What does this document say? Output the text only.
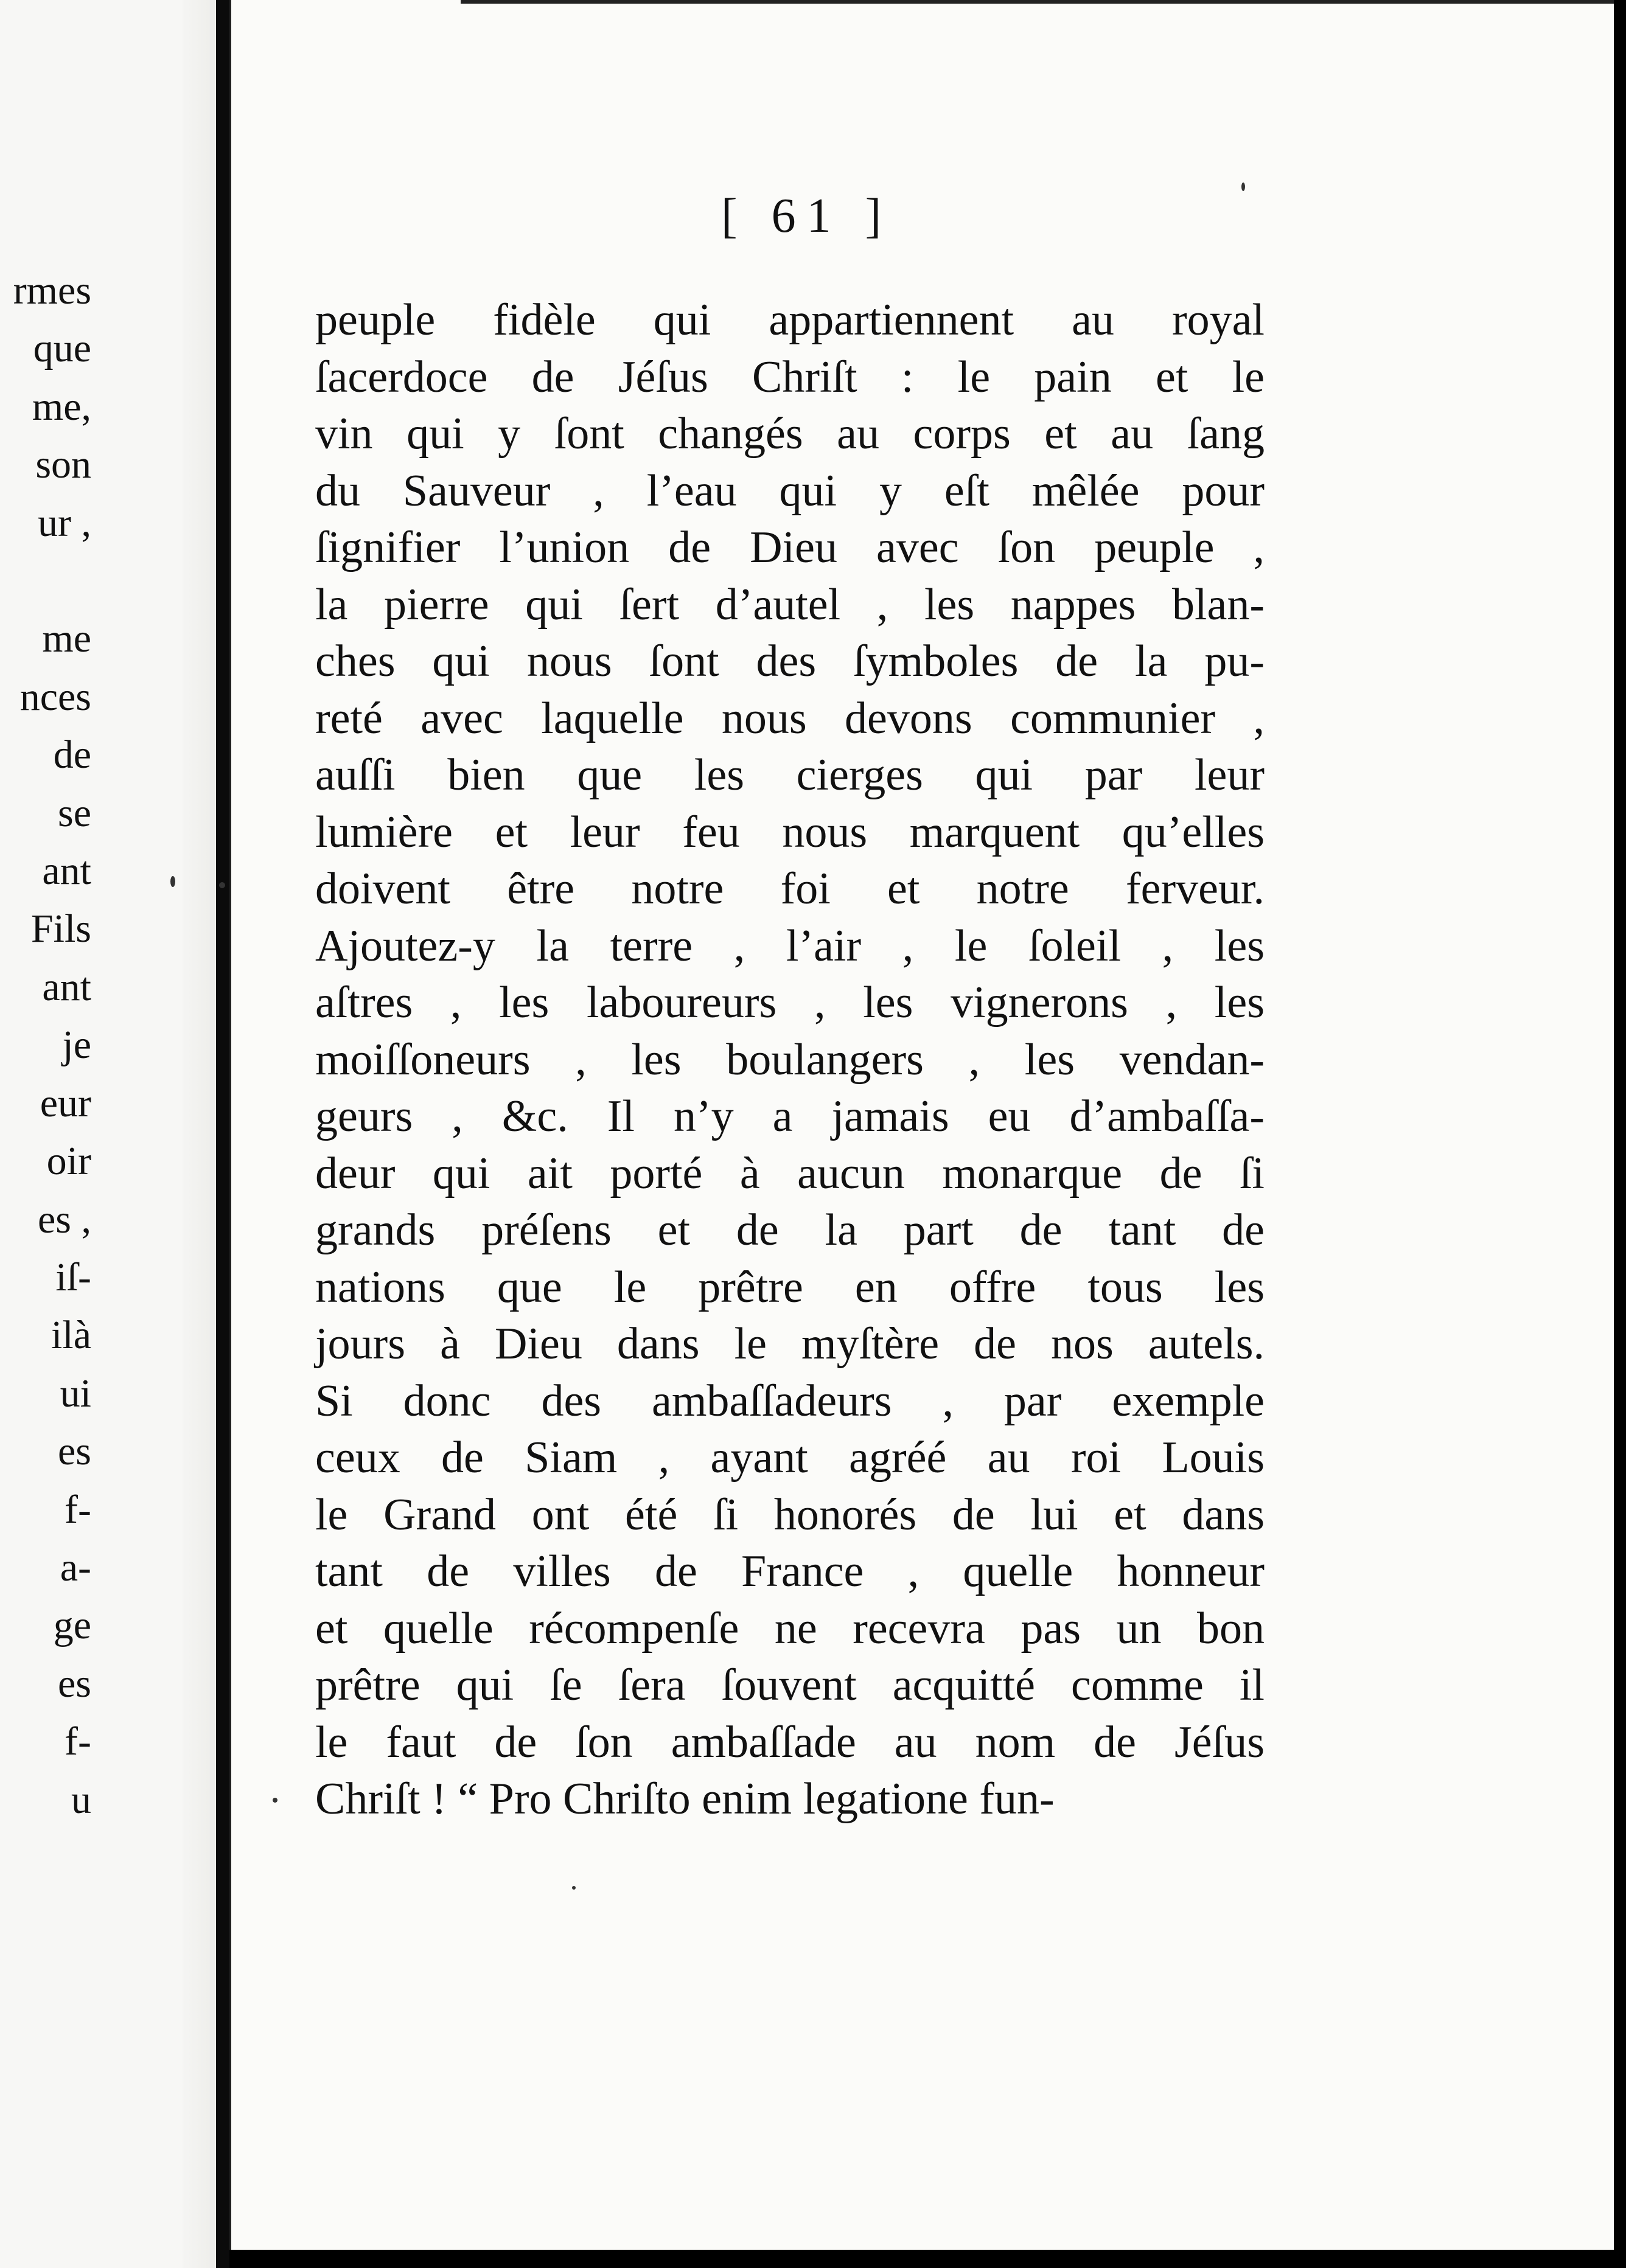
rmes
que
me,
son
ur ,

me
nces
de
se
ant
Fils
ant
je
eur
oir
es ,
iſ-
ilà
ui
es
f-
a-
ge
es
f-
u
[ 61 ]
peuple fidèle qui appartiennent au royal
ſacerdoce de Jéſus Chriſt : le pain et le
vin qui y ſont changés au corps et au ſang
du Sauveur , l’eau qui y eſt mêlée pour
ſignifier l’union de Dieu avec ſon peuple ,
la pierre qui ſert d’autel , les nappes blan-
ches qui nous ſont des ſymboles de la pu-
reté avec laquelle nous devons communier ,
auſſi bien que les cierges qui par leur
lumière et leur feu nous marquent qu’elles
doivent être notre foi et notre ferveur.
Ajoutez-y la terre , l’air , le ſoleil , les
aſtres , les laboureurs , les vignerons , les
moiſſoneurs , les boulangers , les vendan-
geurs , &c. Il n’y a jamais eu d’ambaſſa-
deur qui ait porté à aucun monarque de ſi
grands préſens et de la part de tant de
nations que le prêtre en offre tous les
jours à Dieu dans le myſtère de nos autels.
Si donc des ambaſſadeurs , par exemple
ceux de Siam , ayant agréé au roi Louis
le Grand ont été ſi honorés de lui et dans
tant de villes de France , quelle honneur
et quelle récompenſe ne recevra pas un bon
prêtre qui ſe ſera ſouvent acquitté comme il
le faut de ſon ambaſſade au nom de Jéſus
Chriſt ! “ Pro Chriſto enim legatione fun-
